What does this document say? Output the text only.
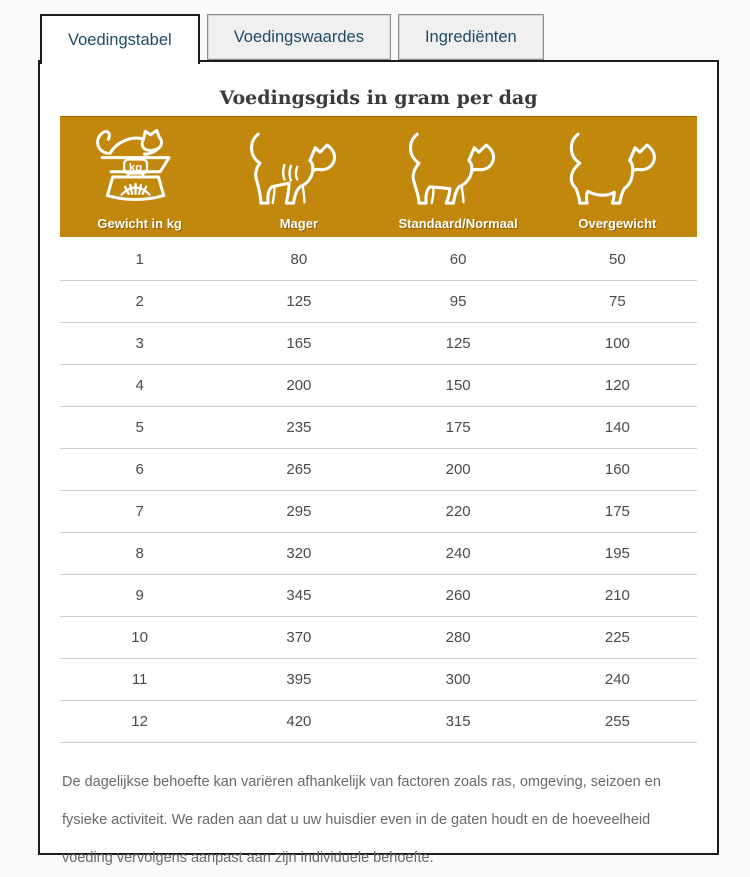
Voedingstabel	Voedingswaardes	Ingrediënten
Voedingsgids in gram per dag
kg
Gewicht in kg	Mager	Standaard/Normaal	Overgewicht
1	80	60	50
2	125	95	75
3	165	125	100
4	200	150	120
5	235	175	140
6	265	200	160
7	295	220	175
8	320	240	195
9	345	260	210
10	370	280	225
11	395	300	240
12	420	315	255

De dagelijkse behoefte kan variëren afhankelijk van factoren zoals ras, omgeving, seizoen en fysieke activiteit. We raden aan dat u uw huisdier even in de gaten houdt en de hoeveelheid voeding vervolgens aanpast aan zijn individuele behoefte.
